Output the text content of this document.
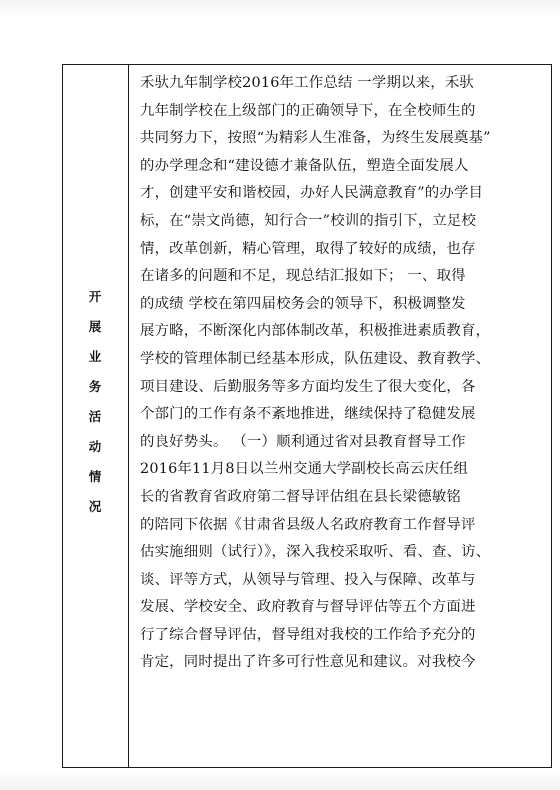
开
展
业
务
活
动
情
况
禾驮九年制学校2016年工作总结 一学期以来，禾驮
九年制学校在上级部门的正确领导下，在全校师生的
共同努力下，按照“为精彩人生准备，为终生发展奠基”
的办学理念和“建设德才兼备队伍，塑造全面发展人
才，创建平安和谐校园，办好人民满意教育”的办学目
标，在“崇文尚德，知行合一”校训的指引下，立足校
情，改革创新，精心管理，取得了较好的成绩，也存
在诸多的问题和不足，现总结汇报如下； 一、取得
的成绩 学校在第四届校务会的领导下，积极调整发
展方略，不断深化内部体制改革，积极推进素质教育，
学校的管理体制已经基本形成，队伍建设、教育教学、
项目建设、后勤服务等多方面均发生了很大变化，各
个部门的工作有条不紊地推进，继续保持了稳健发展
的良好势头。 （一）顺利通过省对县教育督导工作
2016年11月8日以兰州交通大学副校长高云庆任组
长的省教育省政府第二督导评估组在县长梁德敏铭
的陪同下依据《甘肃省县级人名政府教育工作督导评
估实施细则（试行）》，深入我校采取听、看、查、访、
谈、评等方式，从领导与管理、投入与保障、改革与
发展、学校安全、政府教育与督导评估等五个方面进
行了综合督导评估，督导组对我校的工作给予充分的
肯定，同时提出了许多可行性意见和建议。对我校今
